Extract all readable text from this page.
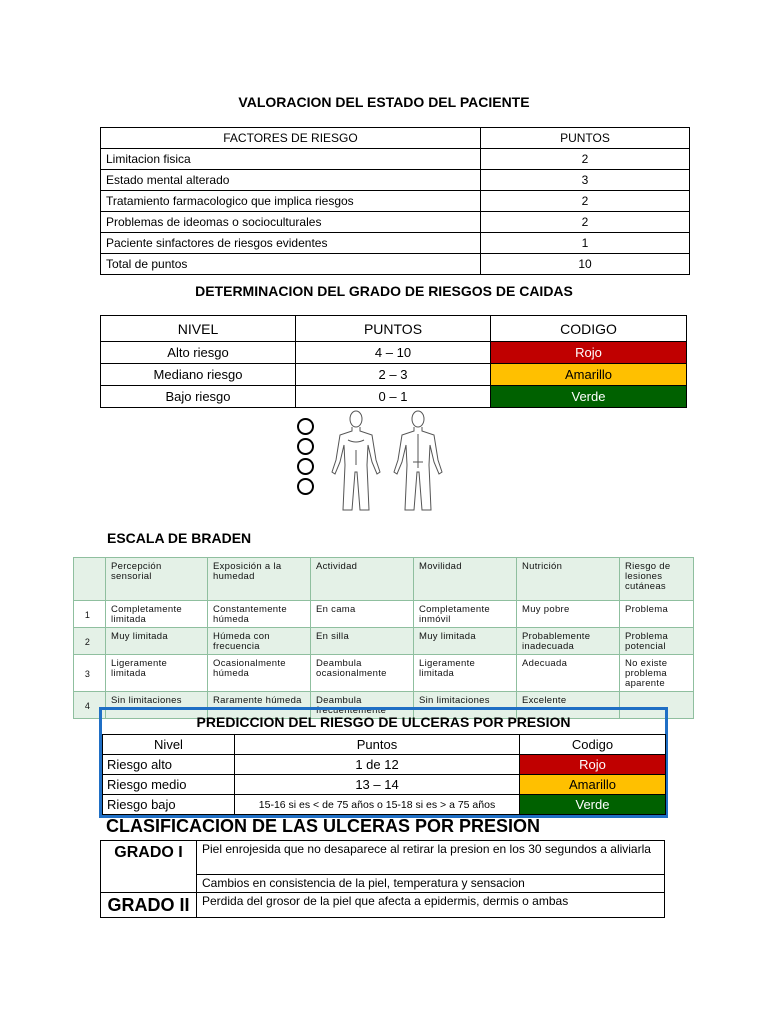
VALORACION DEL ESTADO DEL PACIENTE
FACTORES DE RIESGO	PUNTOS
Limitacion fisica	2
Estado mental alterado	3
Tratamiento farmacologico que implica riesgos	2
Problemas de ideomas o socioculturales	2
Paciente sinfactores de riesgos evidentes	1
Total de puntos	10
DETERMINACION DEL GRADO DE RIESGOS DE CAIDAS
NIVEL	PUNTOS	CODIGO
Alto riesgo	4 – 10	Rojo
Mediano riesgo	2 – 3	Amarillo
Bajo riesgo	0 – 1	Verde
ESCALA DE BRADEN
	Percepción sensorial	Exposición a la humedad	Actividad	Movilidad	Nutrición	Riesgo de lesiones cutáneas
1	Completamente limitada	Constantemente húmeda	En cama	Completamente inmóvil	Muy pobre	Problema
2	Muy limitada	Húmeda con frecuencia	En silla	Muy limitada	Probablemente inadecuada	Problema potencial
3	Ligeramente limitada	Ocasionalmente húmeda	Deambula ocasionalmente	Ligeramente limitada	Adecuada	No existe problema aparente
4	Sin limitaciones	Raramente húmeda	Deambula frecuentemente	Sin limitaciones	Excelente	
PREDICCION DEL RIESGO DE ULCERAS POR PRESION
Nivel	Puntos	Codigo
Riesgo alto	1 de 12	Rojo
Riesgo medio	13 – 14	Amarillo
Riesgo bajo	15-16 si es < de 75 años o 15-18 si es > a 75 años	Verde
CLASIFICACION DE LAS ULCERAS POR PRESION
GRADO I	Piel enrojesida que no desaparece al retirar la presion en los 30 segundos a aliviarla
	Cambios en consistencia de la piel, temperatura y sensacion
GRADO II	Perdida del grosor de la piel que afecta a epidermis, dermis o ambas
